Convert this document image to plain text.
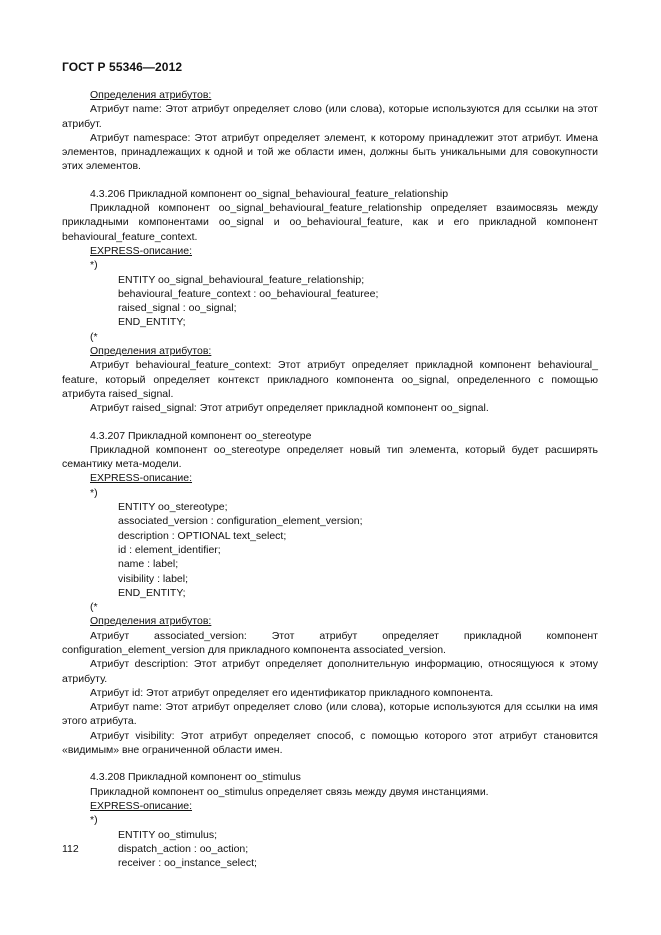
ГОСТ Р 55346—2012

Определения атрибутов:

Атрибут name: Этот атрибут определяет слово (или слова), которые используются для ссылки на этот атрибут.

Атрибут namespace: Этот атрибут определяет элемент, к которому принадлежит этот атрибут. Имена элементов, принадлежащих к одной и той же области имен, должны быть уникальными для совокупности этих элементов.

4.3.206 Прикладной компонент oo_signal_behavioural_feature_relationship

Прикладной компонент oo_signal_behavioural_feature_relationship определяет взаимосвязь между прикладными компонентами oo_signal и oo_behavioural_feature, как и его прикладной компонент behavioural_feature_context.

EXPRESS-описание:

*)
ENTITY oo_signal_behavioural_feature_relationship;
behavioural_feature_context : oo_behavioural_featuree;
raised_signal : oo_signal;
END_ENTITY;
(*

Определения атрибутов:

Атрибут behavioural_feature_context: Этот атрибут определяет прикладной компонент behavioural_ feature, который определяет контекст прикладного компонента oo_signal, определенного с помощью атрибута raised_signal.

Атрибут raised_signal: Этот атрибут определяет прикладной компонент oo_signal.

4.3.207 Прикладной компонент oo_stereotype

Прикладной компонент oo_stereotype определяет новый тип элемента, который будет расширять семантику мета-модели.

EXPRESS-описание:

*)
ENTITY oo_stereotype;
associated_version : configuration_element_version;
description : OPTIONAL text_select;
id : element_identifier;
name : label;
visibility : label;
END_ENTITY;
(*

Определения атрибутов:

Атрибут associated_version: Этот атрибут определяет прикладной компонент configuration_element_version для прикладного компонента associated_version.

Атрибут description: Этот атрибут определяет дополнительную информацию, относящуюся к этому атрибуту.

Атрибут id: Этот атрибут определяет его идентификатор прикладного компонента.

Атрибут name: Этот атрибут определяет слово (или слова), которые используются для ссылки на имя этого атрибута.

Атрибут visibility: Этот атрибут определяет способ, с помощью которого этот атрибут становится «видимым» вне ограниченной области имен.

4.3.208 Прикладной компонент oo_stimulus

Прикладной компонент oo_stimulus определяет связь между двумя инстанциями.

EXPRESS-описание:

*)
ENTITY oo_stimulus;
dispatch_action : oo_action;
receiver : oo_instance_select;
112
